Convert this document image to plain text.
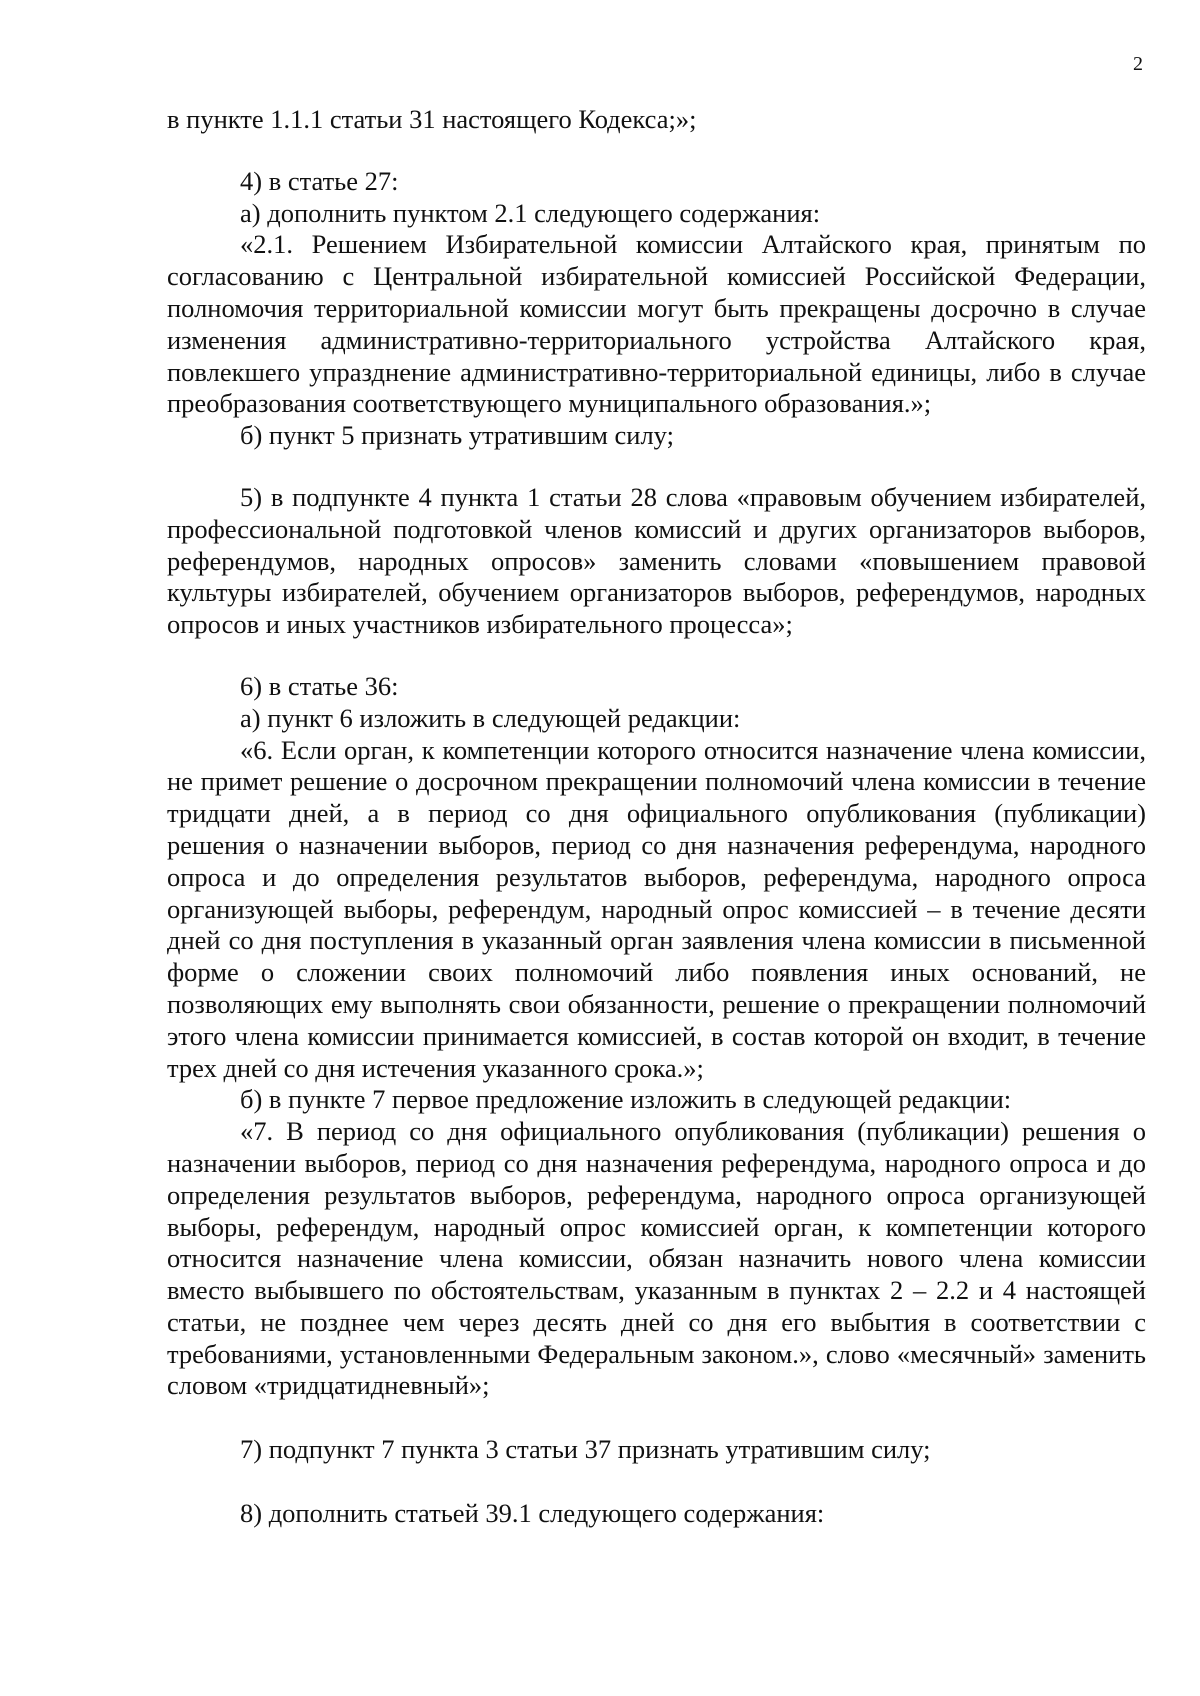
2

в пункте 1.1.1 статьи 31 настоящего Кодекса;»;

4) в статье 27:

а) дополнить пунктом 2.1 следующего содержания:

«2.1. Решением Избирательной комиссии Алтайского края, принятым по согласованию с Центральной избирательной комиссией Российской Федерации, полномочия территориальной комиссии могут быть прекращены досрочно в случае изменения административно-территориального устройства Алтайского края, повлекшего упразднение административно-территориальной единицы, либо в случае преобразования соответствующего муниципального образования.»;

б) пункт 5 признать утратившим силу;

5) в подпункте 4 пункта 1 статьи 28 слова «правовым обучением избирателей, профессиональной подготовкой членов комиссий и других организаторов выборов, референдумов, народных опросов» заменить словами «повышением правовой культуры избирателей, обучением организаторов выборов, референдумов, народных опросов и иных участников избирательного процесса»;

6) в статье 36:

а) пункт 6 изложить в следующей редакции:

«6. Если орган, к компетенции которого относится назначение члена комиссии, не примет решение о досрочном прекращении полномочий члена комиссии в течение тридцати дней, а в период со дня официального опубликования (публикации) решения о назначении выборов, период со дня назначения референдума, народного опроса и до определения результатов выборов, референдума, народного опроса организующей выборы, референдум, народный опрос комиссией – в течение десяти дней со дня поступления в указанный орган заявления члена комиссии в письменной форме о сложении своих полномочий либо появления иных оснований, не позволяющих ему выполнять свои обязанности, решение о прекращении полномочий этого члена комиссии принимается комиссией, в состав которой он входит, в течение трех дней со дня истечения указанного срока.»;

б) в пункте 7 первое предложение изложить в следующей редакции:

«7. В период со дня официального опубликования (публикации) решения о назначении выборов, период со дня назначения референдума, народного опроса и до определения результатов выборов, референдума, народного опроса организующей выборы, референдум, народный опрос комиссией орган, к компетенции которого относится назначение члена комиссии, обязан назначить нового члена комиссии вместо выбывшего по обстоятельствам, указанным в пунктах 2 – 2.2 и 4 настоящей статьи, не позднее чем через десять дней со дня его выбытия в соответствии с требованиями, установленными Федеральным законом.», слово «месячный» заменить словом «тридцатидневный»;

7) подпункт 7 пункта 3 статьи 37 признать утратившим силу;

8) дополнить статьей 39.1 следующего содержания:
